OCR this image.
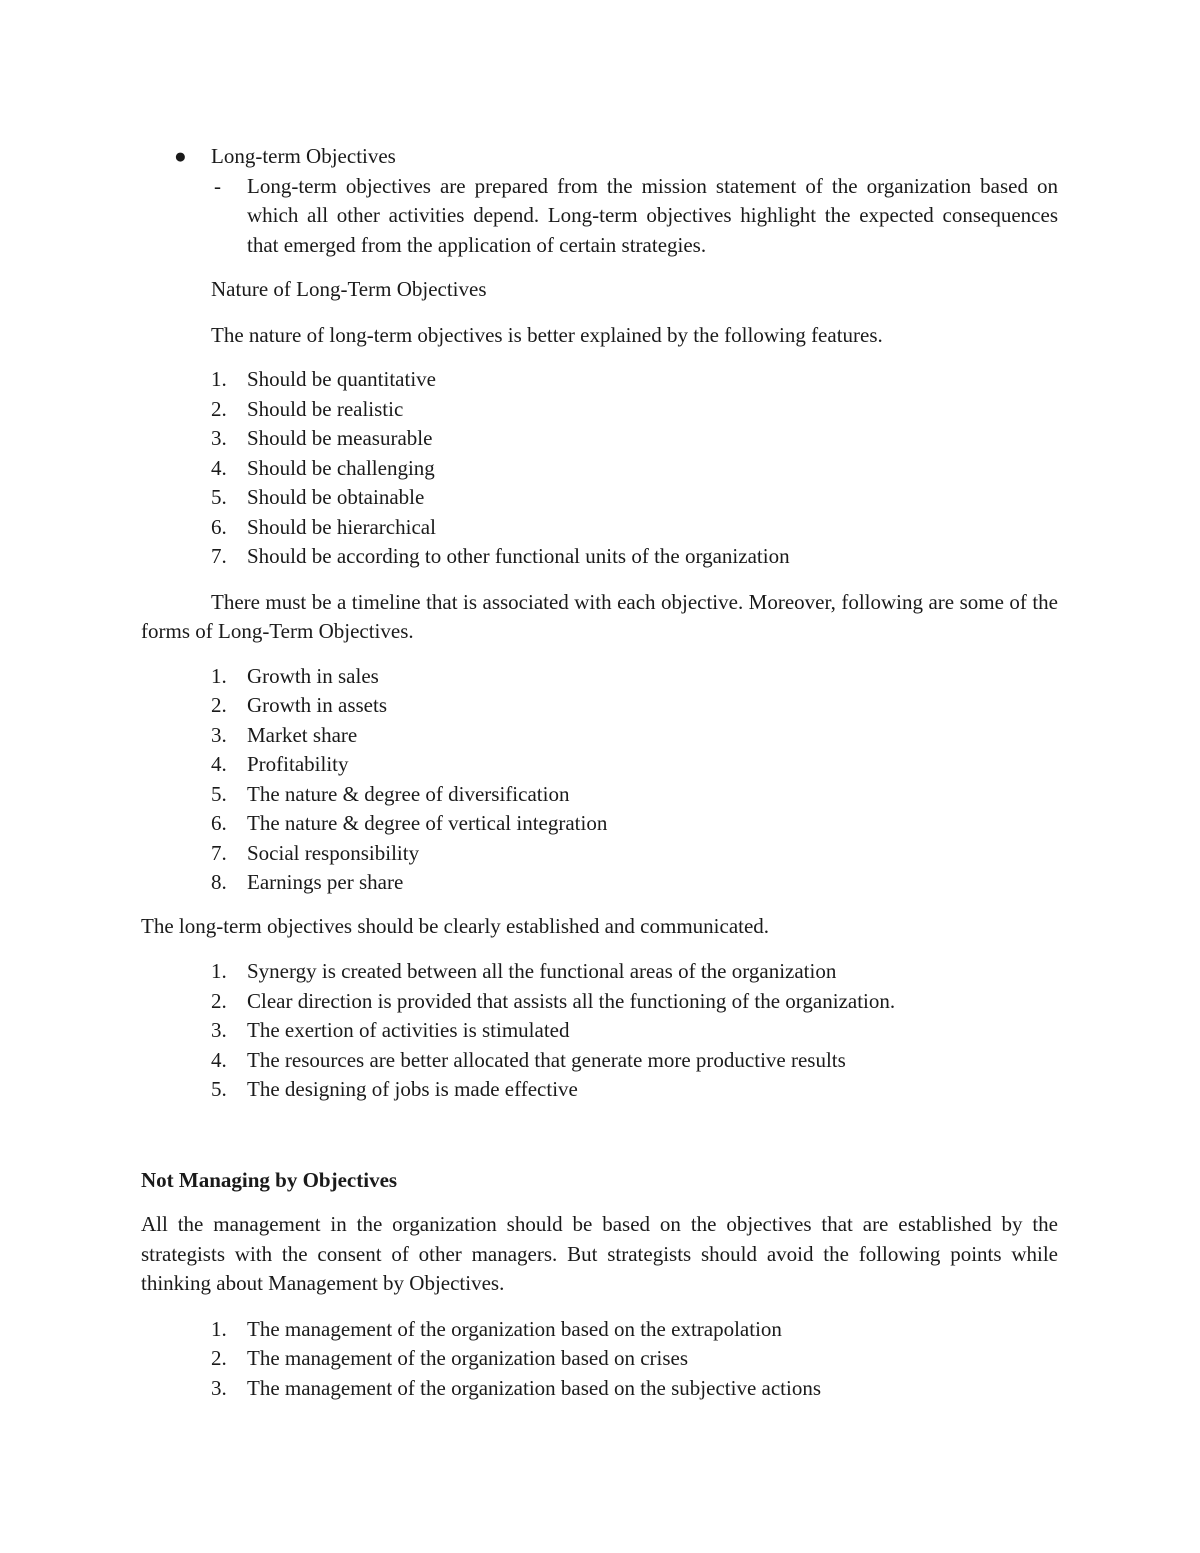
● Long-term Objectives
- Long-term objectives are prepared from the mission statement of the organization based on which all other activities depend. Long-term objectives highlight the expected consequences that emerged from the application of certain strategies.
Nature of Long-Term Objectives
The nature of long-term objectives is better explained by the following features.
1. Should be quantitative
2. Should be realistic
3. Should be measurable
4. Should be challenging
5. Should be obtainable
6. Should be hierarchical
7. Should be according to other functional units of the organization
There must be a timeline that is associated with each objective. Moreover, following are some of the forms of Long-Term Objectives.
1. Growth in sales
2. Growth in assets
3. Market share
4. Profitability
5. The nature & degree of diversification
6. The nature & degree of vertical integration
7. Social responsibility
8. Earnings per share
The long-term objectives should be clearly established and communicated.
1. Synergy is created between all the functional areas of the organization
2. Clear direction is provided that assists all the functioning of the organization.
3. The exertion of activities is stimulated
4. The resources are better allocated that generate more productive results
5. The designing of jobs is made effective
Not Managing by Objectives
All the management in the organization should be based on the objectives that are established by the strategists with the consent of other managers. But strategists should avoid the following points while thinking about Management by Objectives.
1. The management of the organization based on the extrapolation
2. The management of the organization based on crises
3. The management of the organization based on the subjective actions
